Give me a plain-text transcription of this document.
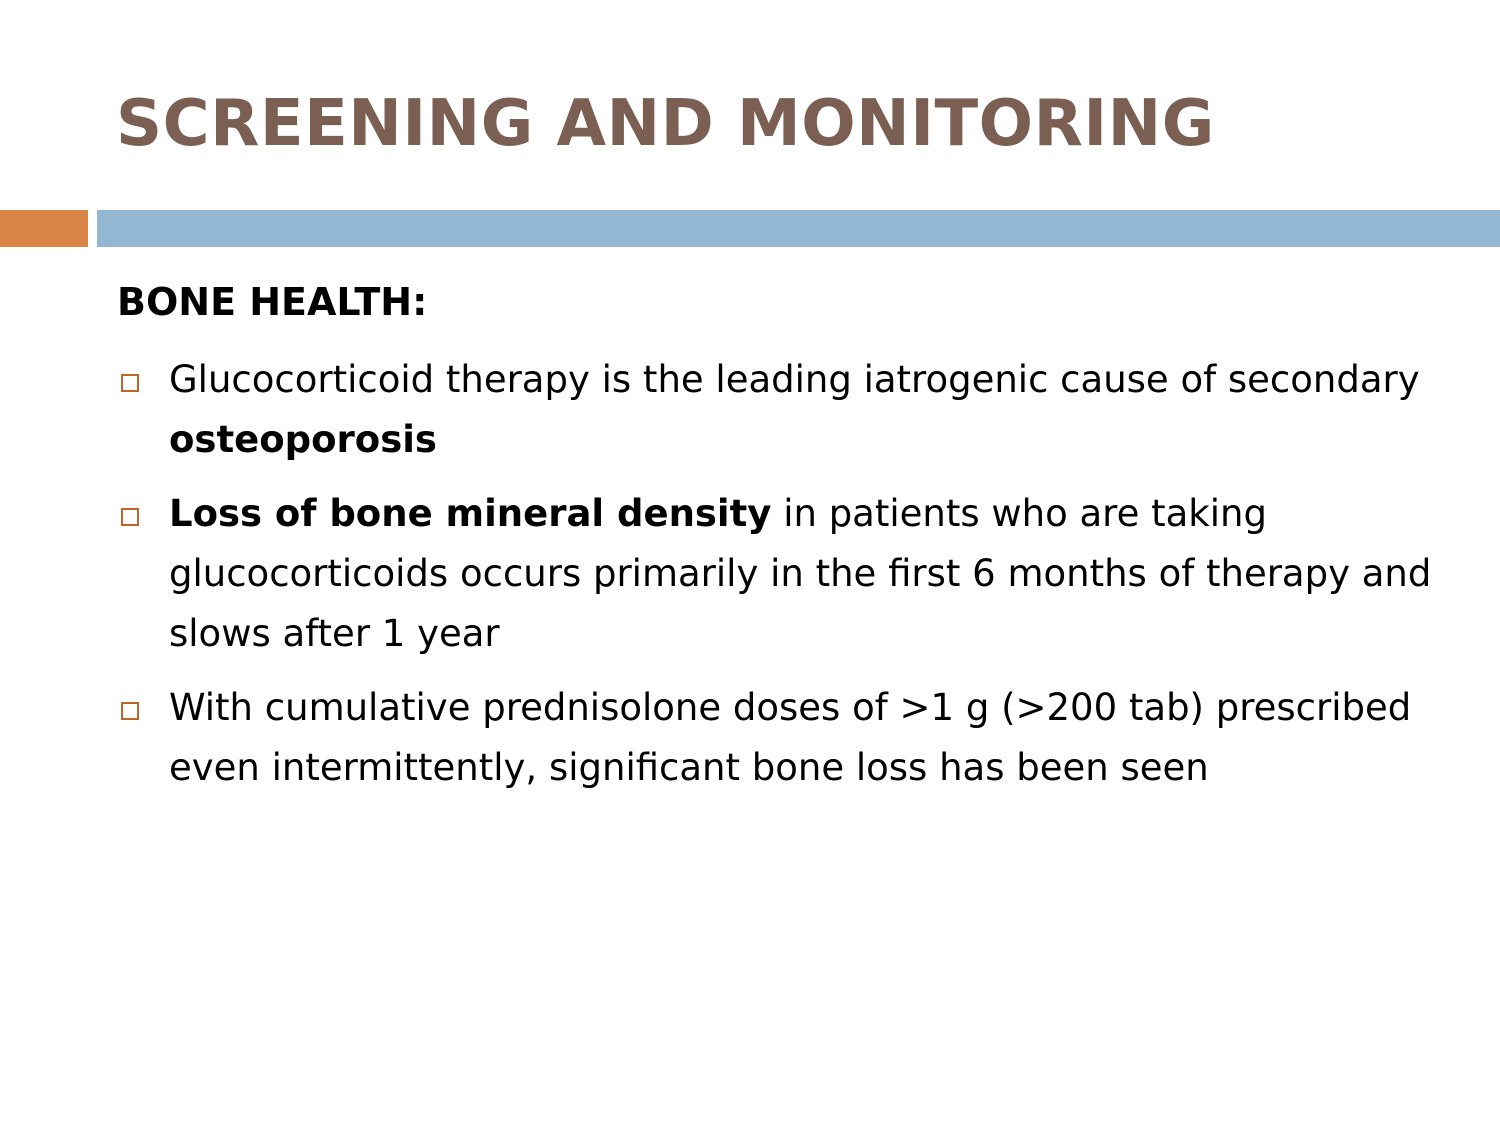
SCREENING AND MONITORING
BONE HEALTH:
Glucocorticoid therapy is the leading iatrogenic cause of secondary osteoporosis
Loss of bone mineral density in patients who are taking glucocorticoids occurs primarily in the first 6 months of therapy and slows after 1 year
With cumulative prednisolone doses of >1 g (>200 tab) prescribed even intermittently, significant bone loss has been seen
